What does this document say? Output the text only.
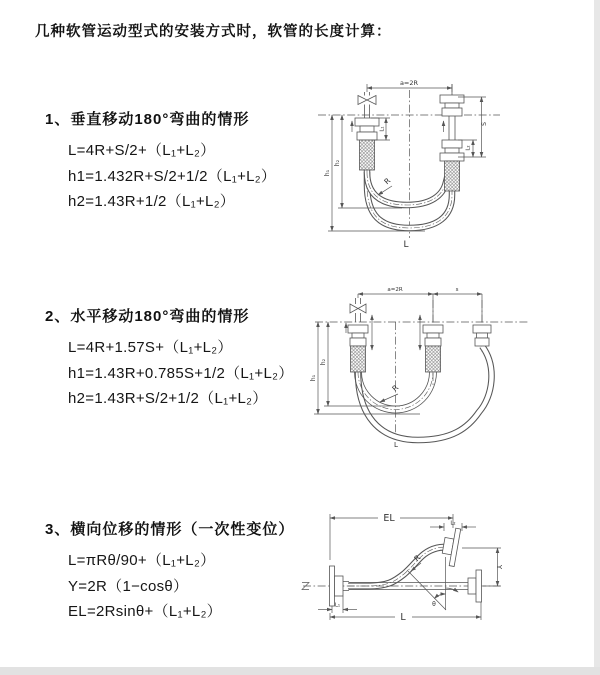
几种软管运动型式的安装方式时，软管的长度计算：
1、垂直移动180°弯曲的情形
L=4R+S/2+（L₁+L₂）
h1=1.432R+S/2+1/2（L₁+L₂）
h2=1.43R+1/2（L₁+L₂）
2、水平移动180°弯曲的情形
L=4R+1.57S+（L₁+L₂）
h1=1.43R+0.785S+1/2（L₁+L₂）
h2=1.43R+S/2+1/2（L₁+L₂）
3、横向位移的情形（一次性变位）
L=πRθ/90+（L₁+L₂）
Y=2R（1−cosθ）
EL=2Rsinθ+（L₁+L₂）
a=2R
L₁
S
L₂
h₁
h₂
R
L
a=2R	s
h₁
h₂
R
L
EL	L₂
Y
R
θ
L₁
L
